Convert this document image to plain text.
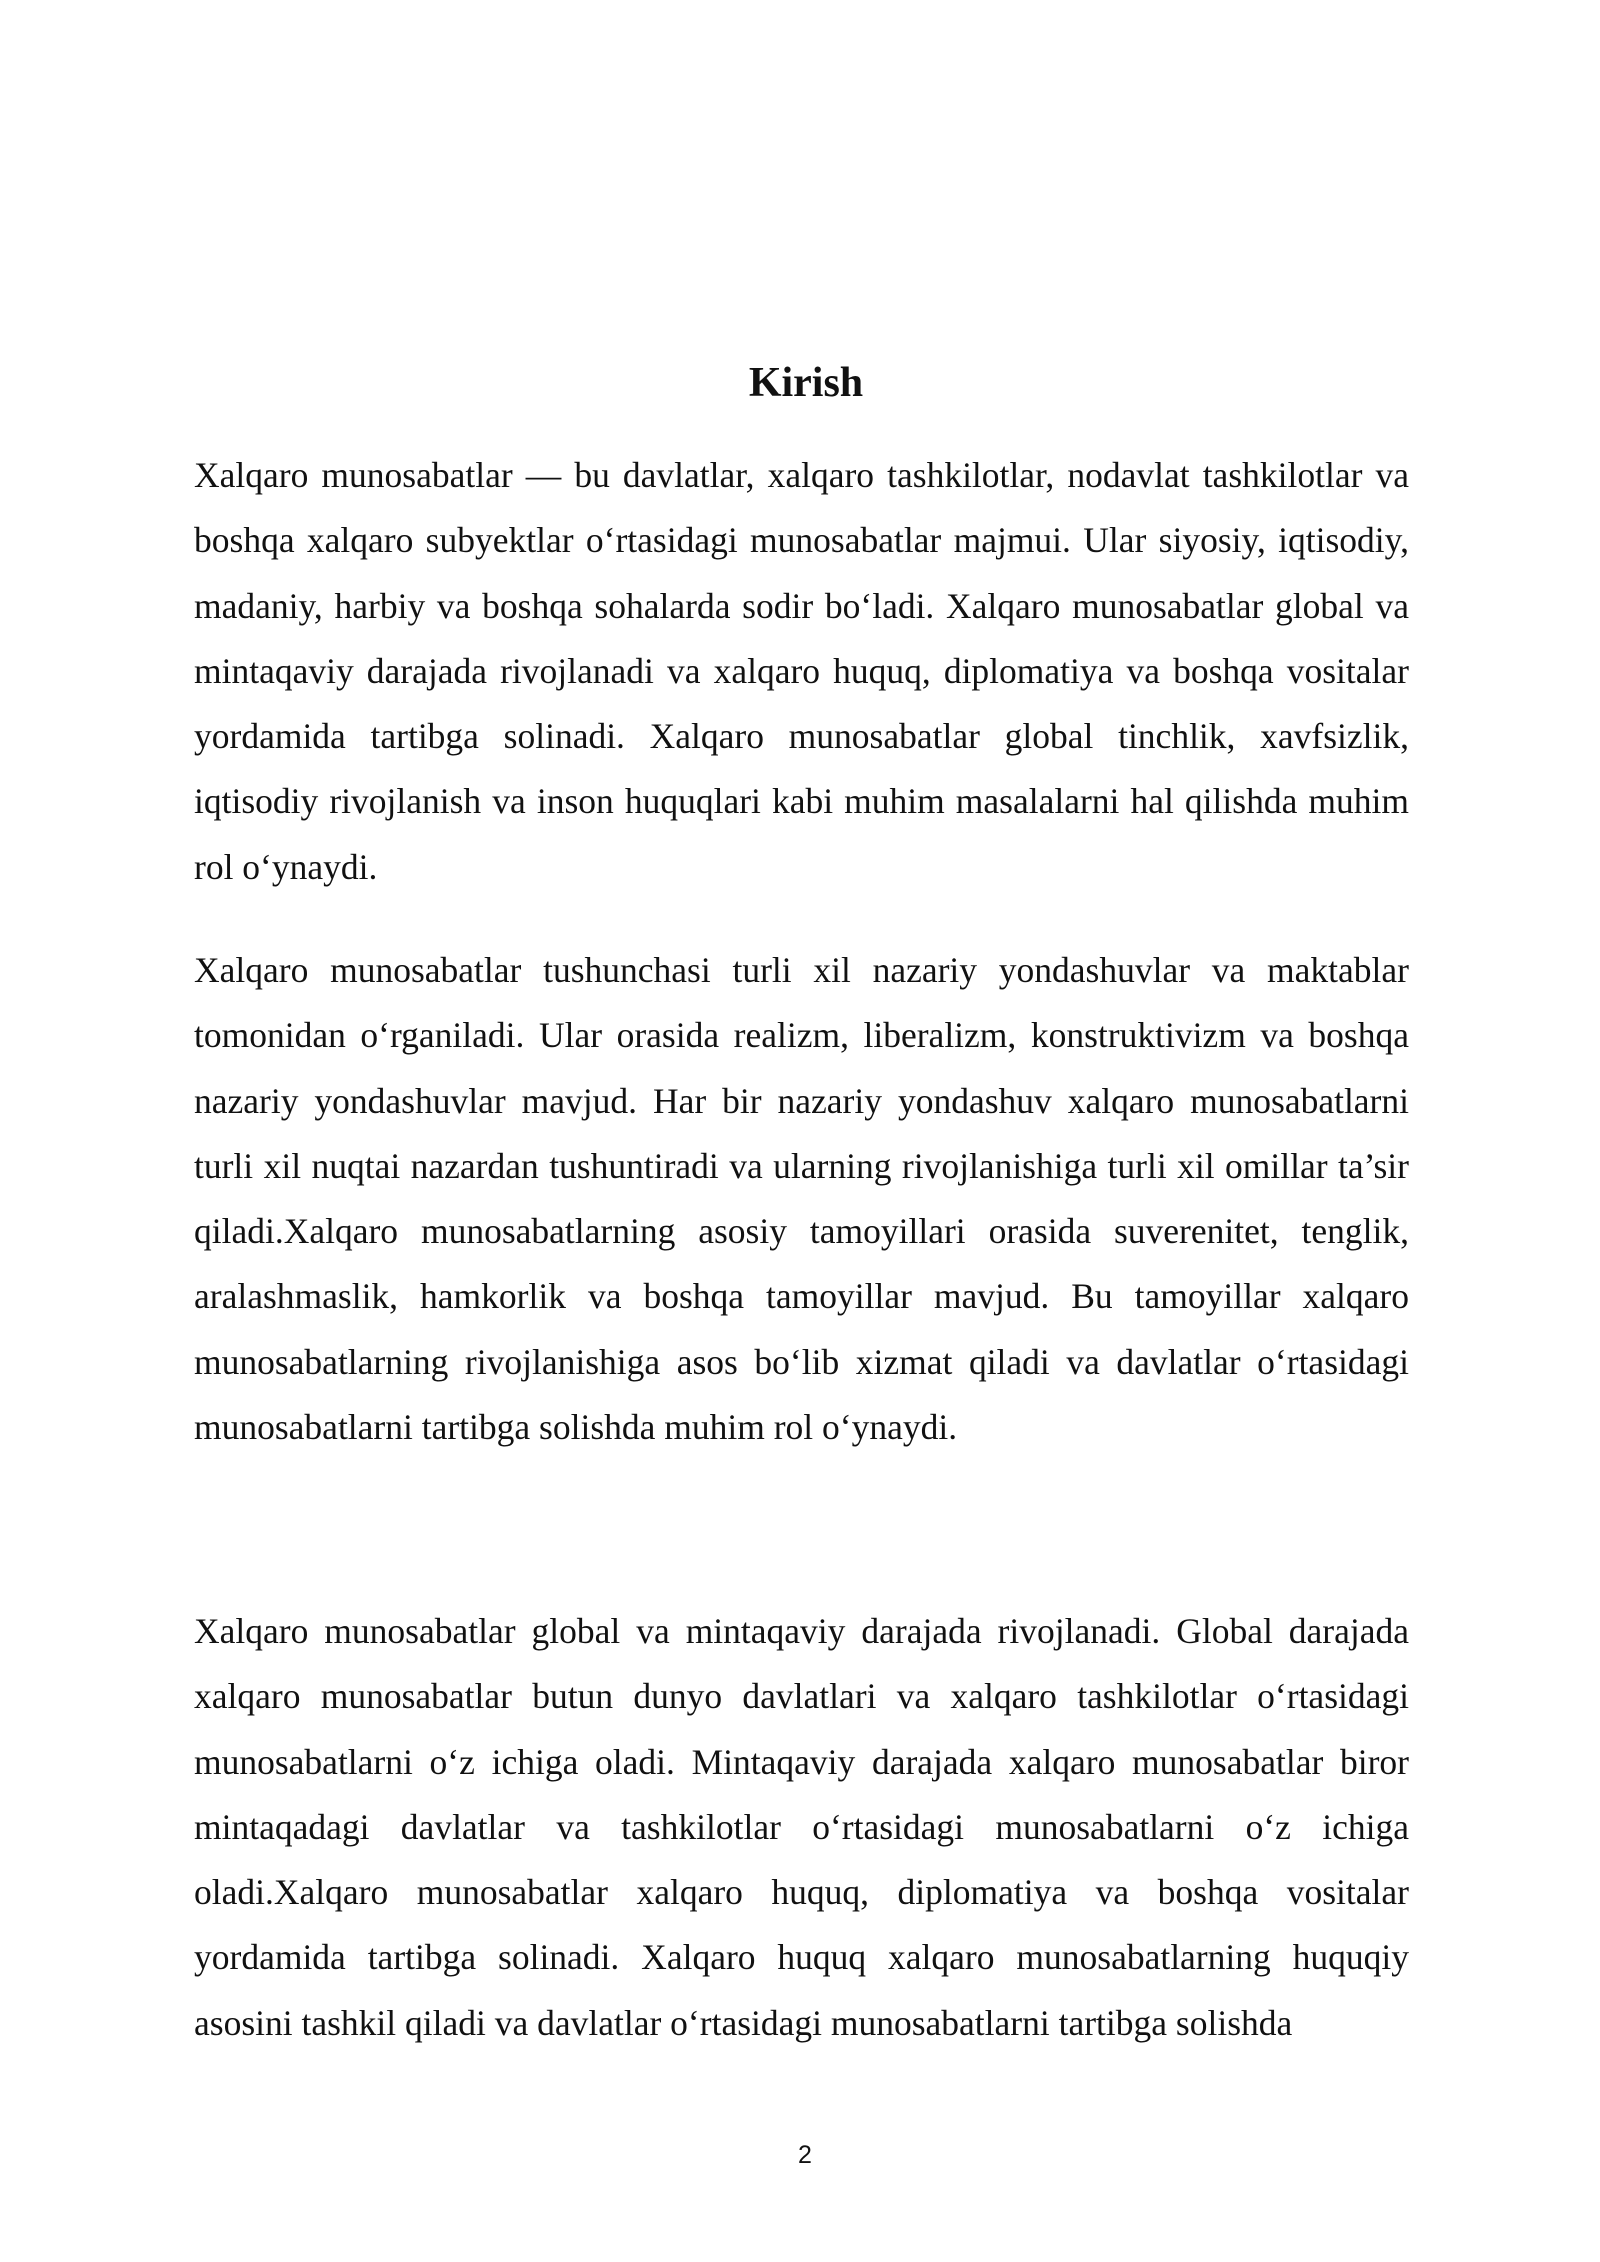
Kirish

Xalqaro munosabatlar — bu davlatlar, xalqaro tashkilotlar, nodavlat tashkilotlar va boshqa xalqaro subyektlar o‘rtasidagi munosabatlar majmui. Ular siyosiy, iqtisodiy, madaniy, harbiy va boshqa sohalarda sodir bo‘ladi. Xalqaro munosabatlar global va mintaqaviy darajada rivojlanadi va xalqaro huquq, diplomatiya va boshqa vositalar yordamida tartibga solinadi. Xalqaro munosabatlar global tinchlik, xavfsizlik, iqtisodiy rivojlanish va inson huquqlari kabi muhim masalalarni hal qilishda muhim rol o‘ynaydi.

Xalqaro munosabatlar tushunchasi turli xil nazariy yondashuvlar va maktablar tomonidan o‘rganiladi. Ular orasida realizm, liberalizm, konstruktivizm va boshqa nazariy yondashuvlar mavjud. Har bir nazariy yondashuv xalqaro munosabatlarni turli xil nuqtai nazardan tushuntiradi va ularning rivojlanishiga turli xil omillar ta’sir qiladi.Xalqaro munosabatlarning asosiy tamoyillari orasida suverenitet, tenglik, aralashmaslik, hamkorlik va boshqa tamoyillar mavjud. Bu tamoyillar xalqaro munosabatlarning rivojlanishiga asos bo‘lib xizmat qiladi va davlatlar o‘rtasidagi munosabatlarni tartibga solishda muhim rol o‘ynaydi.

Xalqaro munosabatlar global va mintaqaviy darajada rivojlanadi. Global darajada xalqaro munosabatlar butun dunyo davlatlari va xalqaro tashkilotlar o‘rtasidagi munosabatlarni o‘z ichiga oladi. Mintaqaviy darajada xalqaro munosabatlar biror mintaqadagi davlatlar va tashkilotlar o‘rtasidagi munosabatlarni o‘z ichiga oladi.Xalqaro munosabatlar xalqaro huquq, diplomatiya va boshqa vositalar yordamida tartibga solinadi. Xalqaro huquq xalqaro munosabatlarning huquqiy asosini tashkil qiladi va davlatlar o‘rtasidagi munosabatlarni tartibga solishda

2
